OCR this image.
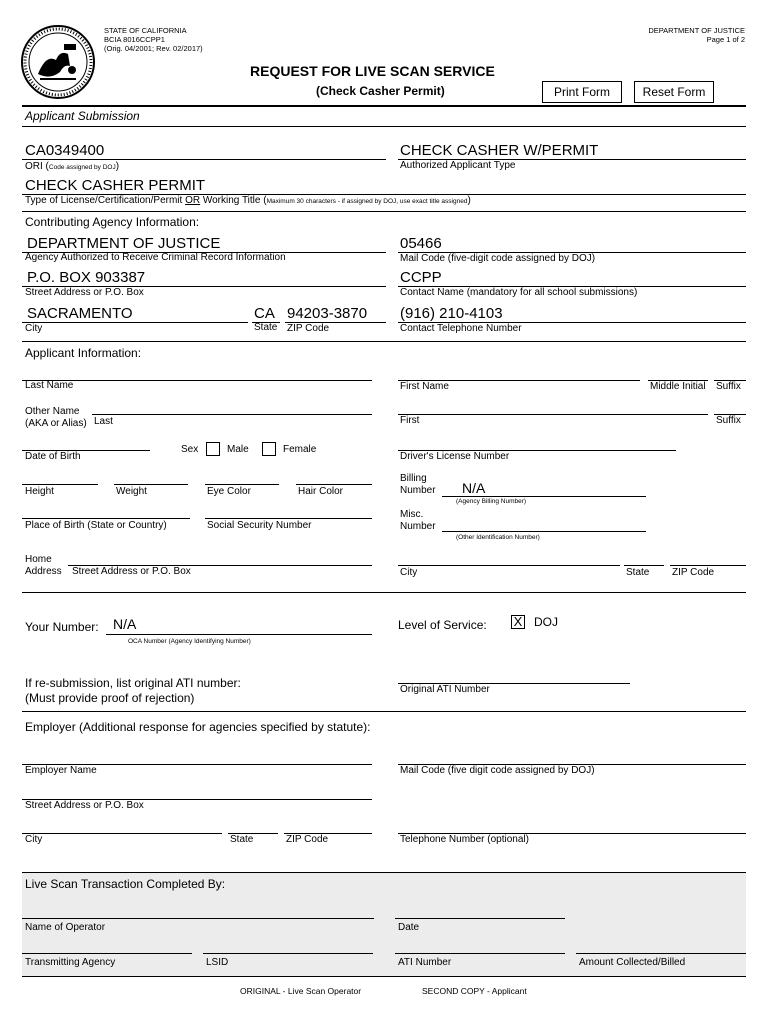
STATE OF CALIFORNIA
BCIA 8016CCPP1
(Orig. 04/2001; Rev. 02/2017)
DEPARTMENT OF JUSTICE
Page 1 of 2
REQUEST FOR LIVE SCAN SERVICE
(Check Casher Permit)	Print Form	Reset Form
Applicant Submission
CA0349400
ORI (Code assigned by DOJ)
CHECK CASHER W/PERMIT
Authorized Applicant Type
CHECK CASHER PERMIT
Type of License/Certification/Permit OR Working Title (Maximum 30 characters - if assigned by DOJ, use exact title assigned)
Contributing Agency Information:
DEPARTMENT OF JUSTICE
Agency Authorized to Receive Criminal Record Information
05466
Mail Code (five-digit code assigned by DOJ)
P.O. BOX 903387
Street Address or P.O. Box
CCPP
Contact Name (mandatory for all school submissions)
SACRAMENTO
City
CA
State
94203-3870
ZIP Code
(916) 210-4103
Contact Telephone Number
Applicant Information:
Last Name	First Name	Middle Initial Suffix
Other Name
(AKA or Alias) Last	First	Suffix
Date of Birth
Sex	Male	Female
Driver's License Number
Height	Weight	Eye Color	Hair Color
Billing
Number N/A
(Agency Billing Number)
Place of Birth (State or Country)	Social Security Number
Misc.
Number
(Other Identification Number)
Home
Address Street Address or P.O. Box	City	State ZIP Code
Your Number: N/A
OCA Number (Agency Identifying Number)
Level of Service: X DOJ
If re-submission, list original ATI number:
(Must provide proof of rejection)
Original ATI Number
Employer (Additional response for agencies specified by statute):
Employer Name	Mail Code (five digit code assigned by DOJ)
Street Address or P.O. Box
City	State	ZIP Code	Telephone Number (optional)
Live Scan Transaction Completed By:
Name of Operator	Date
Transmitting Agency	LSID	ATI Number	Amount Collected/Billed
ORIGINAL - Live Scan Operator	SECOND COPY - Applicant
